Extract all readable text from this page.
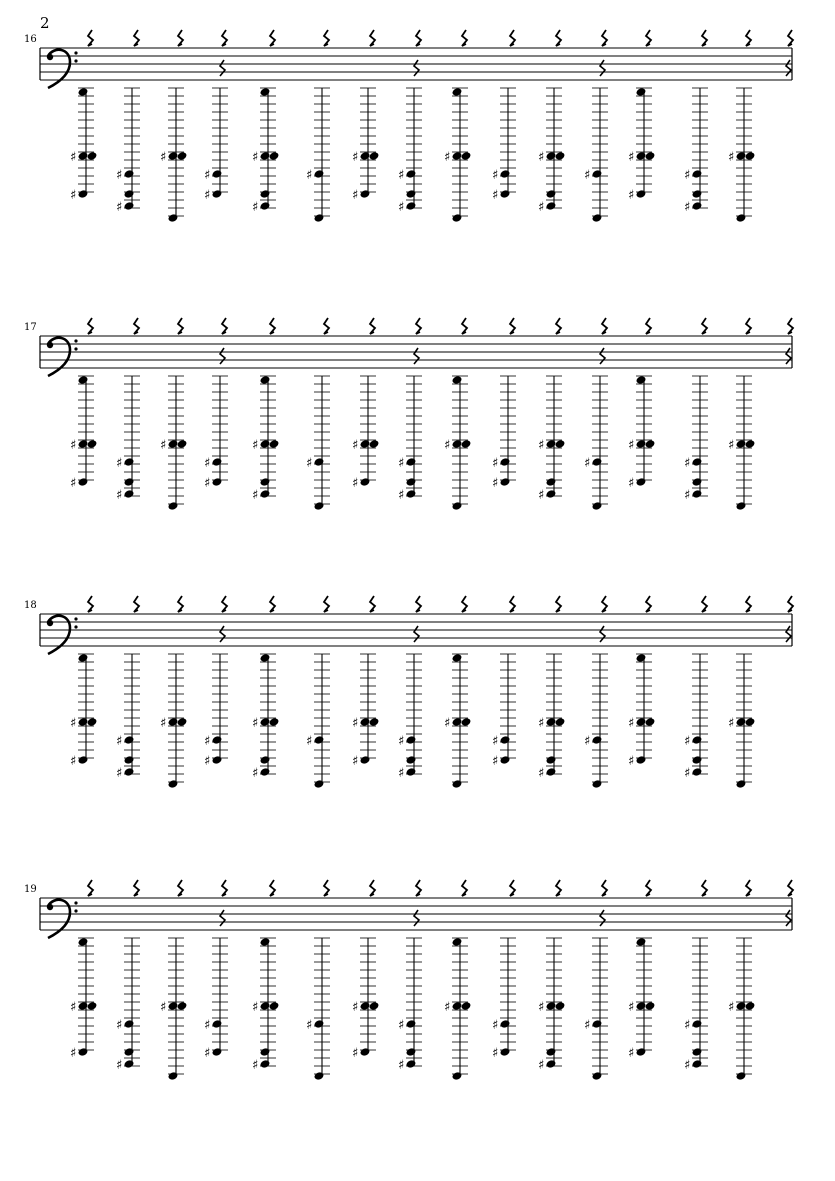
2
16
♯
♯
♯
♯
♯
♯
♯
♯
♯
♯
♯
♯
♯
♯
♯
♯
♯
♯
♯
♯
♯
♯
♯
♯
♯
17
♯
♯
♯
♯
♯
♯
♯
♯
♯
♯
♯
♯
♯
♯
♯
♯
♯
♯
♯
♯
♯
♯
♯
♯
♯
18
♯
♯
♯
♯
♯
♯
♯
♯
♯
♯
♯
♯
♯
♯
♯
♯
♯
♯
♯
♯
♯
♯
♯
♯
♯
19
♯
♯
♯
♯
♯
♯
♯
♯
♯
♯
♯
♯
♯
♯
♯
♯
♯
♯
♯
♯
♯
♯
♯
♯
♯
